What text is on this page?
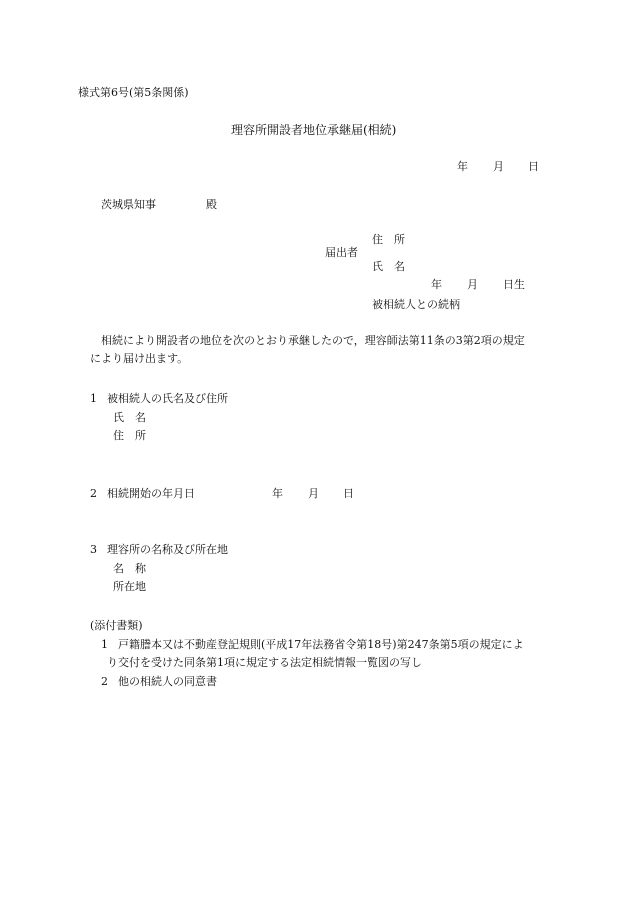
様式第6号(第5条関係)
理容所開設者地位承継届(相続)
年 月 日
茨城県知事	殿
住　所
届出者
氏　名
年 月 日生
被相続人との続柄
相続により開設者の地位を次のとおり承継したので，理容師法第11条の3第2項の規定
により届け出ます。
1 被相続人の氏名及び住所
氏　名
住　所
2 相続開始の年月日	年 月 日
3 理容所の名称及び所在地
名　称
所在地
(添付書類)
1 戸籍謄本又は不動産登記規則(平成17年法務省令第18号)第247条第5項の規定によ
り交付を受けた同条第1項に規定する法定相続情報一覧図の写し
2 他の相続人の同意書
